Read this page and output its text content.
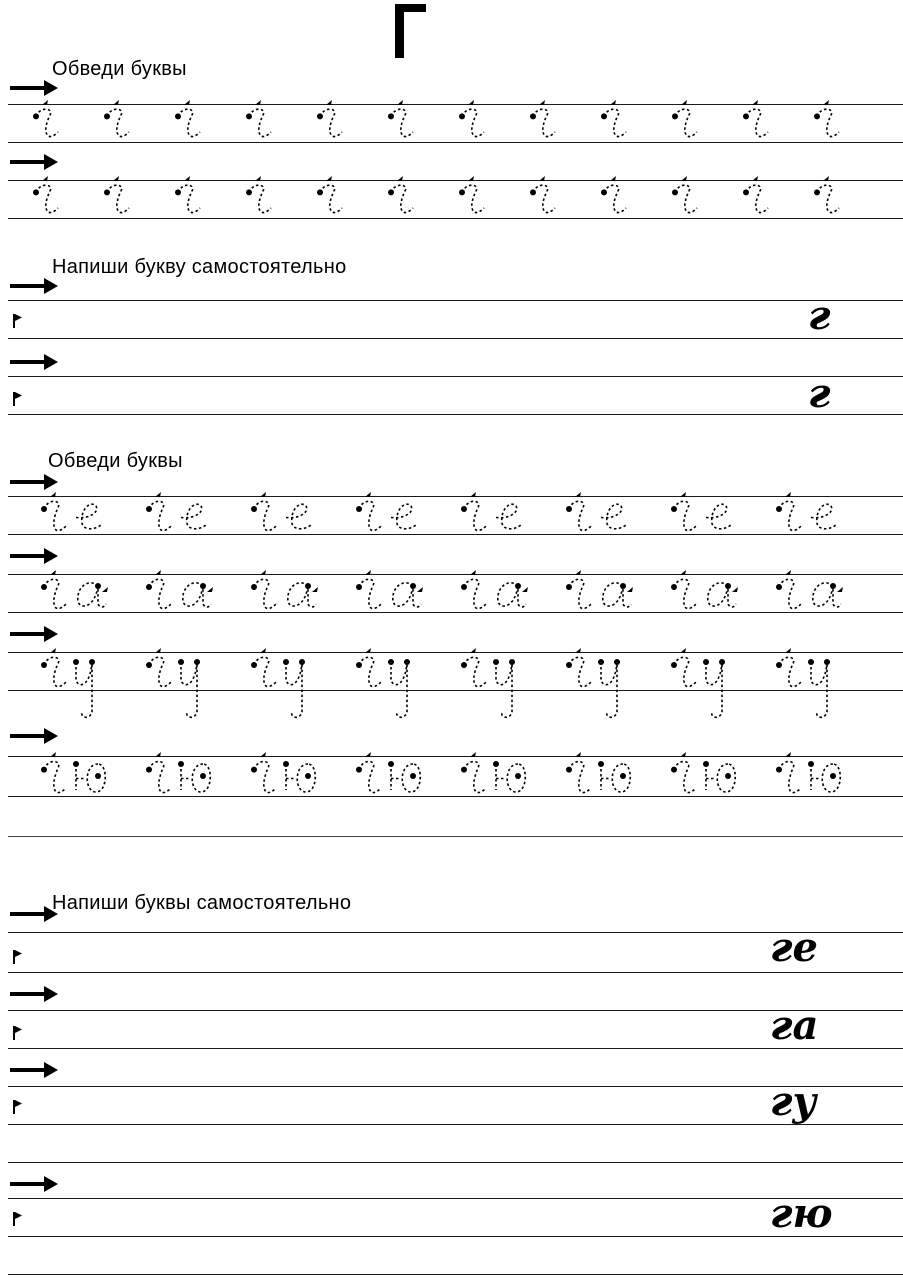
Обведи буквы
Напиши букву самостоятельно
г
г
Обведи буквы
Напиши буквы самостоятельно
ге
га
гу
гю
